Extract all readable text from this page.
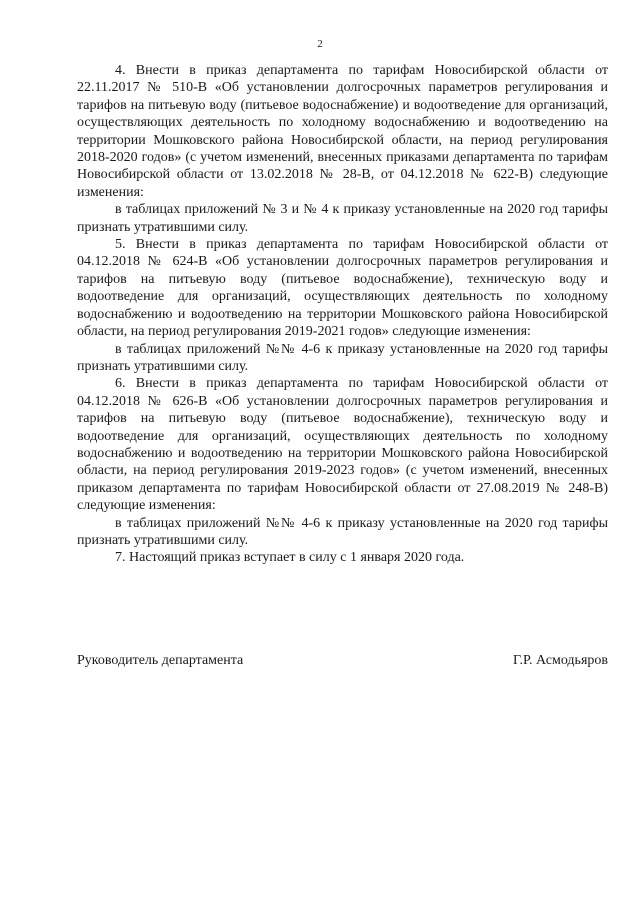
2

4. Внести в приказ департамента по тарифам Новосибирской области от 22.11.2017 № 510-В «Об установлении долгосрочных параметров регулирования и тарифов на питьевую воду (питьевое водоснабжение) и водоотведение для организаций, осуществляющих деятельность по холодному водоснабжению и водоотведению на территории Мошковского района Новосибирской области, на период регулирования 2018-2020 годов» (с учетом изменений, внесенных приказами департамента по тарифам Новосибирской области от 13.02.2018 № 28-В, от 04.12.2018 № 622-В) следующие изменения:

в таблицах приложений № 3 и № 4 к приказу установленные на 2020 год тарифы признать утратившими силу.

5. Внести в приказ департамента по тарифам Новосибирской области от 04.12.2018 № 624-В «Об установлении долгосрочных параметров регулирования и тарифов на питьевую воду (питьевое водоснабжение), техническую воду и водоотведение для организаций, осуществляющих деятельность по холодному водоснабжению и водоотведению на территории Мошковского района Новосибирской области, на период регулирования 2019-2021 годов» следующие изменения:

в таблицах приложений №№ 4-6 к приказу установленные на 2020 год тарифы признать утратившими силу.

6. Внести в приказ департамента по тарифам Новосибирской области от 04.12.2018 № 626-В «Об установлении долгосрочных параметров регулирования и тарифов на питьевую воду (питьевое водоснабжение), техническую воду и водоотведение для организаций, осуществляющих деятельность по холодному водоснабжению и водоотведению на территории Мошковского района Новосибирской области, на период регулирования 2019-2023 годов» (с учетом изменений, внесенных приказом департамента по тарифам Новосибирской области от 27.08.2019 № 248-В) следующие изменения:

в таблицах приложений №№ 4-6 к приказу установленные на 2020 год тарифы признать утратившими силу.

7. Настоящий приказ вступает в силу с 1 января 2020 года.

Руководитель департамента	Г.Р. Асмодьяров
